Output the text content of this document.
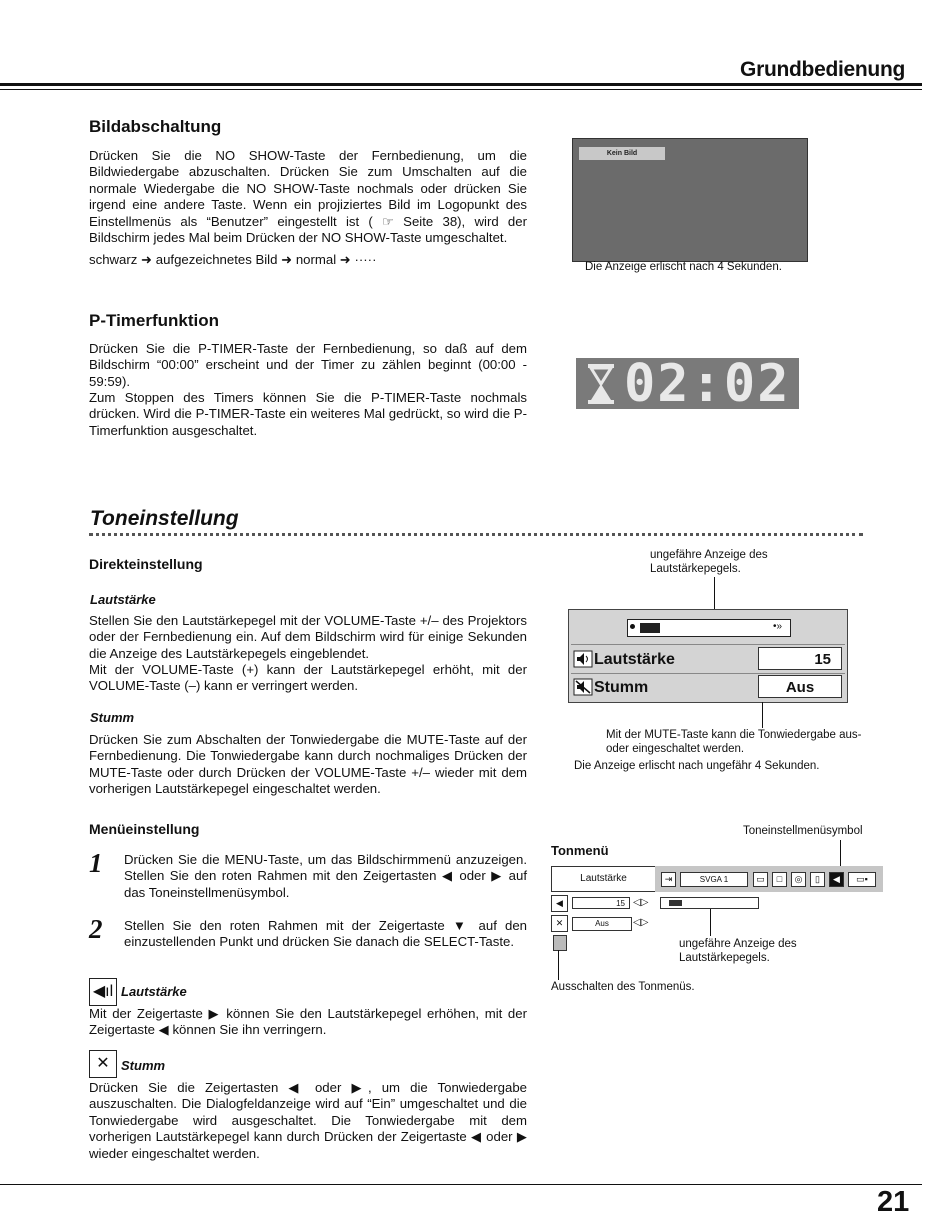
Grundbedienung
Bildabschaltung

Drücken Sie die NO SHOW-Taste der Fernbedienung, um die Bildwiedergabe abzuschalten. Drücken Sie zum Umschalten auf die normale Wiedergabe die NO SHOW-Taste nochmals oder drücken Sie irgend eine andere Taste. Wenn ein projiziertes Bild im Logopunkt des Einstellmenüs als “Benutzer” eingestellt ist ( ☞ Seite 38), wird der Bildschirm jedes Mal beim Drücken der NO SHOW-Taste umgeschaltet.

schwarz ➜ aufgezeichnetes Bild ➜ normal ➜ ·····

Kein Bild
Die Anzeige erlischt nach 4 Sekunden.
P-Timerfunktion

Drücken Sie die P-TIMER-Taste der Fernbedienung, so daß auf dem Bildschirm “00:00” erscheint und der Timer zu zählen beginnt (00:00 - 59:59).

Zum Stoppen des Timers können Sie die P-TIMER-Taste nochmals drücken. Wird die P-TIMER-Taste ein weiteres Mal gedrückt, so wird die P-Timerfunktion ausgeschaltet.

02:02
Toneinstellung
Direkteinstellung
Lautstärke

Stellen Sie den Lautstärkepegel mit der VOLUME-Taste +/– des Projektors oder der Fernbedienung ein. Auf dem Bildschirm wird für einige Sekunden die Anzeige des Lautstärkepegels eingeblendet.

Mit der VOLUME-Taste (+) kann der Lautstärkepegel erhöht, mit der VOLUME-Taste (–) kann er verringert werden.

Stumm

Drücken Sie zum Abschalten der Tonwiedergabe die MUTE-Taste auf der Fernbedienung. Die Tonwiedergabe kann durch nochmaliges Drücken der MUTE-Taste oder durch Drücken der VOLUME-Taste +/– wieder mit dem vorherigen Lautstärkepegel eingeschaltet werden.

ungefähre Anzeige des Lautstärkepegels.
•»
Lautstärke	15
Stumm	Aus
Mit der MUTE-Taste kann die Tonwiedergabe aus- oder eingeschaltet werden.
Die Anzeige erlischt nach ungefähr 4 Sekunden.
Menüeinstellung
1 Drücken Sie die MENU-Taste, um das Bildschirmmenü anzuzeigen. Stellen Sie den roten Rahmen mit den Zeigertasten ◀ oder ▶ auf das Toneinstellmenüsymbol.

2 Stellen Sie den roten Rahmen mit der Zeigertaste ▼ auf den einzustellenden Punkt und drücken Sie danach die SELECT-Taste.

◀ıl Lautstärke

Mit der Zeigertaste ▶ können Sie den Lautstärkepegel erhöhen, mit der Zeigertaste ◀ können Sie ihn verringern.

✕ Stumm

Drücken Sie die Zeigertasten ◀ oder ▶, um die Tonwiedergabe auszuschalten. Die Dialogfeldanzeige wird auf “Ein” umgeschaltet und die Tonwiedergabe wird ausgeschaltet. Die Tonwiedergabe mit dem vorherigen Lautstärkepegel kann durch Drücken der Zeigertaste ◀ oder ▶ wieder eingeschaltet werden.

Toneinstellmenüsymbol
Tonmenü
Lautstärke	⇥	SVGA 1	▭	□	◎	▯	◀	▭▪
◀	15 ◁▷
✕	Aus	◁▷
ungefähre Anzeige des Lautstärkepegels.
Ausschalten des Tonmenüs.
21
